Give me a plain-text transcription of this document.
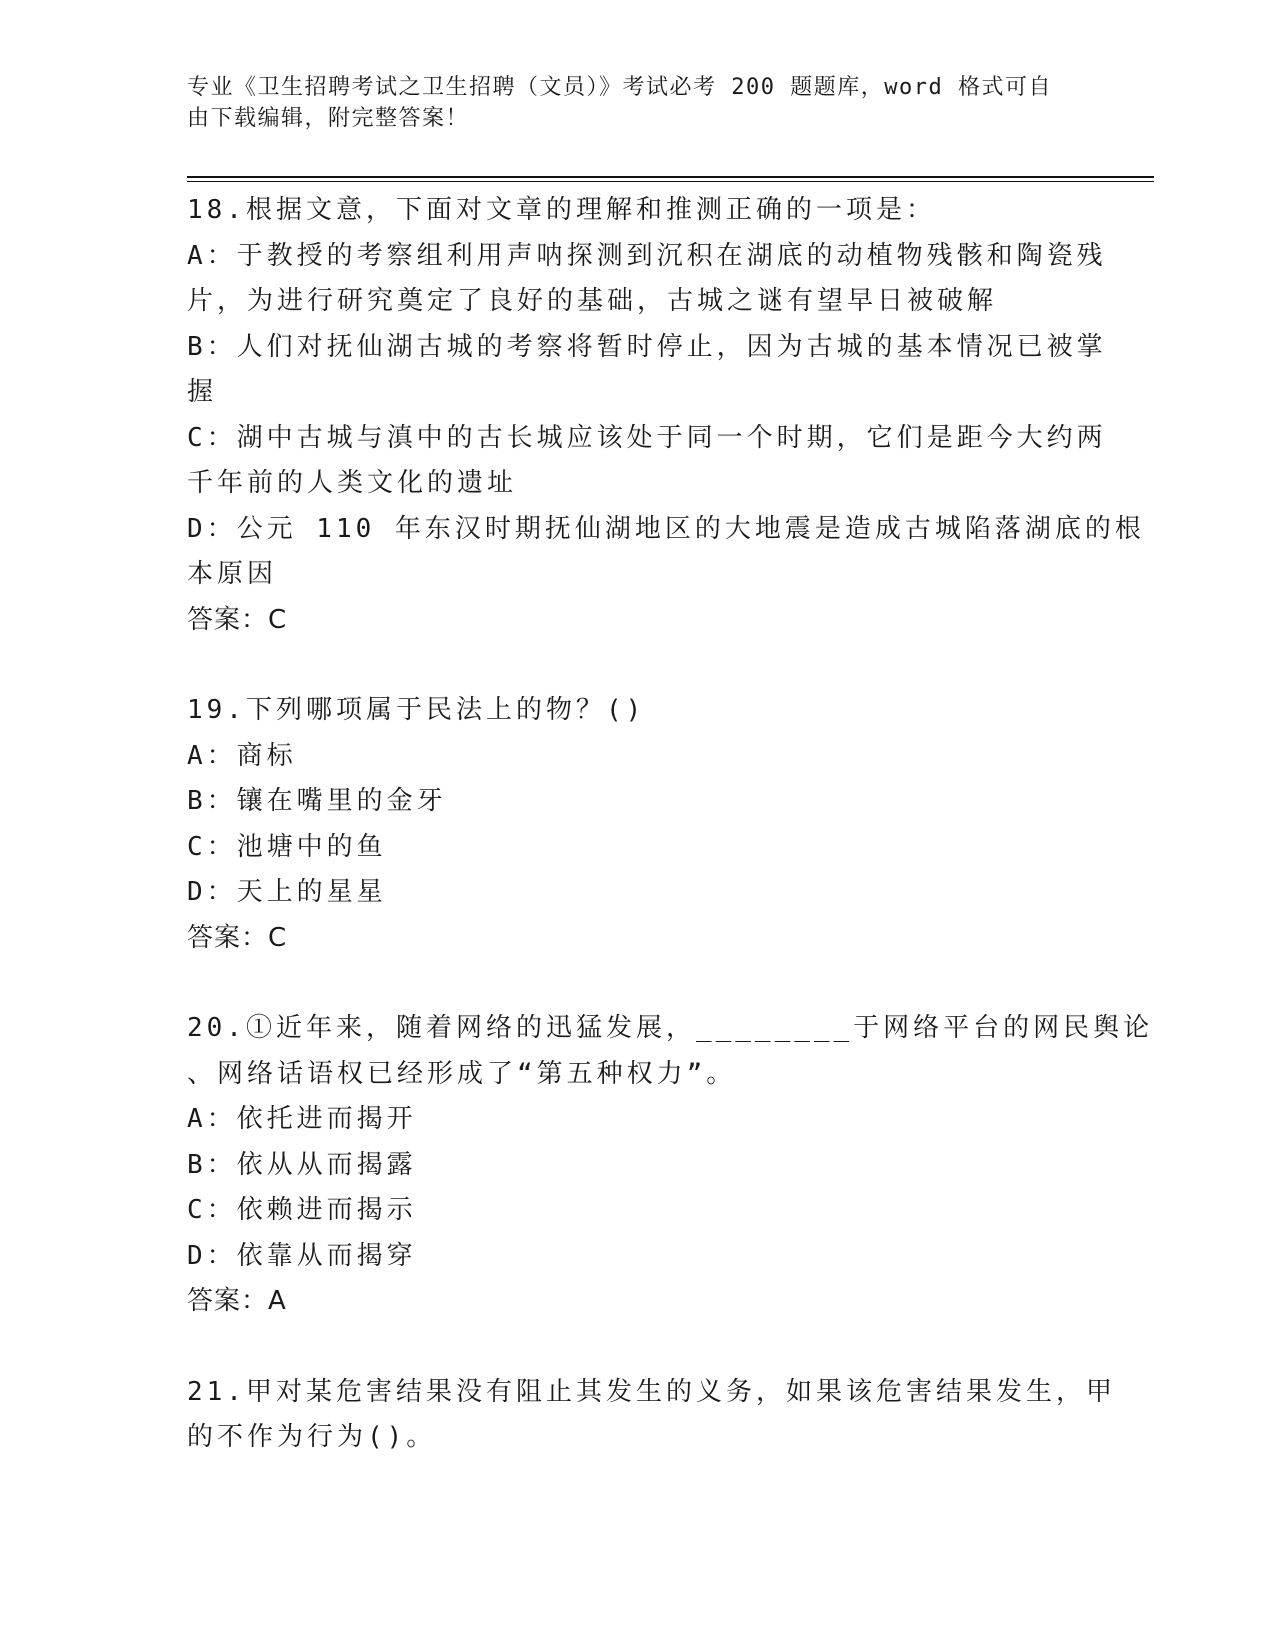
专业《卫生招聘考试之卫生招聘（文员）》考试必考 200 题题库，word 格式可自
由下载编辑，附完整答案！
18.根据文意，下面对文章的理解和推测正确的一项是：
A：于教授的考察组利用声呐探测到沉积在湖底的动植物残骸和陶瓷残
片，为进行研究奠定了良好的基础，古城之谜有望早日被破解
B：人们对抚仙湖古城的考察将暂时停止，因为古城的基本情况已被掌
握
C：湖中古城与滇中的古长城应该处于同一个时期，它们是距今大约两
千年前的人类文化的遗址
D：公元 110 年东汉时期抚仙湖地区的大地震是造成古城陷落湖底的根
本原因
答案：C
19.下列哪项属于民法上的物？()
A：商标
B：镶在嘴里的金牙
C：池塘中的鱼
D：天上的星星
答案：C
20.①近年来，随着网络的迅猛发展，________于网络平台的网民舆论
、网络话语权已经形成了“第五种权力”。
A：依托进而揭开
B：依从从而揭露
C：依赖进而揭示
D：依靠从而揭穿
答案：A
21.甲对某危害结果没有阻止其发生的义务，如果该危害结果发生，甲
的不作为行为()。
